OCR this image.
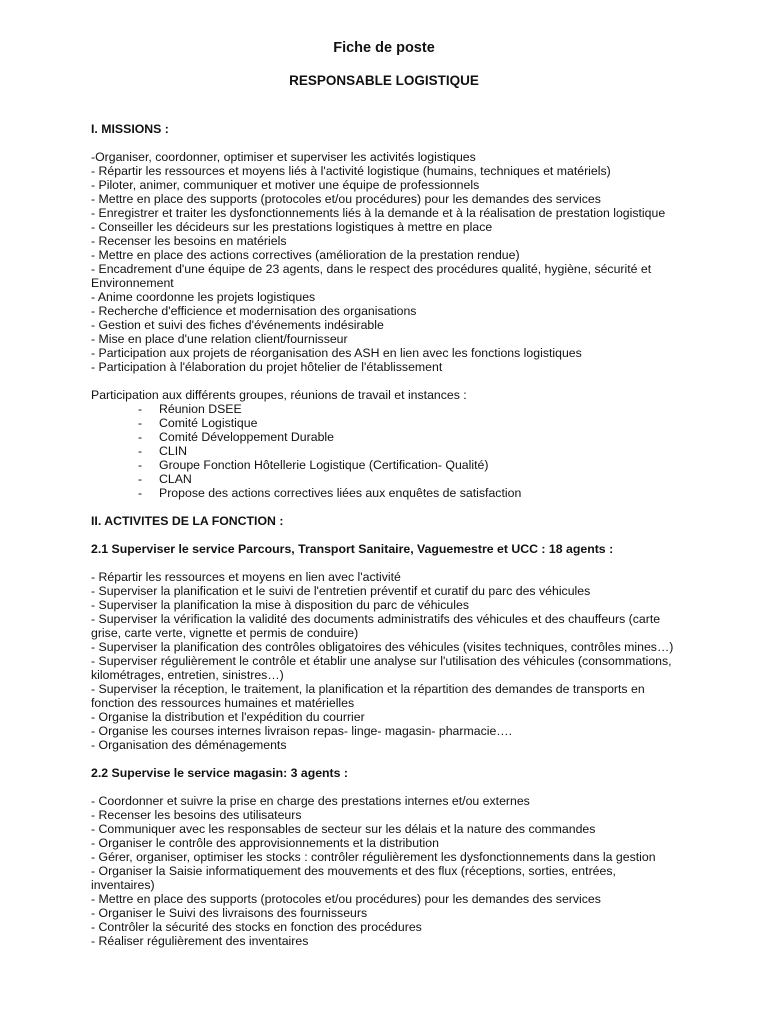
Fiche de poste
RESPONSABLE LOGISTIQUE

I. MISSIONS :

-Organiser, coordonner, optimiser et superviser les activités logistiques
- Répartir les ressources et moyens liés à l'activité logistique (humains, techniques et matériels)
- Piloter, animer, communiquer et motiver une équipe de professionnels
- Mettre en place des supports (protocoles et/ou procédures) pour les demandes des services
- Enregistrer et traiter les dysfonctionnements liés à la demande et à la réalisation de prestation logistique
- Conseiller les décideurs sur les prestations logistiques à mettre en place
- Recenser les besoins en matériels
- Mettre en place des actions correctives (amélioration de la prestation rendue)
- Encadrement d'une équipe de 23 agents, dans le respect des procédures qualité, hygiène, sécurité et Environnement
- Anime coordonne les projets logistiques
- Recherche d'efficience et modernisation des organisations
- Gestion et suivi des fiches d'événements indésirable
- Mise en place d'une relation client/fournisseur
- Participation aux projets de réorganisation des ASH en lien avec les fonctions logistiques
- Participation à l'élaboration du projet hôtelier de l'établissement

Participation aux différents groupes, réunions de travail et instances :

- Réunion DSEE
- Comité Logistique
- Comité Développement Durable
- CLIN
- Groupe Fonction Hôtellerie Logistique (Certification- Qualité)
- CLAN
- Propose des actions correctives liées aux enquêtes de satisfaction

II. ACTIVITES DE LA FONCTION :

2.1 Superviser le service Parcours, Transport Sanitaire, Vaguemestre et UCC : 18 agents :

- Répartir les ressources et moyens en lien avec l'activité
- Superviser la planification et le suivi de l'entretien préventif et curatif du parc des véhicules
- Superviser la planification la mise à disposition du parc de véhicules
- Superviser la vérification la validité des documents administratifs des véhicules et des chauffeurs (carte grise, carte verte, vignette et permis de conduire)
- Superviser la planification des contrôles obligatoires des véhicules (visites techniques, contrôles mines…)
- Superviser régulièrement le contrôle et établir une analyse sur l'utilisation des véhicules (consommations, kilométrages, entretien, sinistres…)
- Superviser la réception, le traitement, la planification et la répartition des demandes de transports en fonction des ressources humaines et matérielles
- Organise la distribution et l'expédition du courrier
- Organise les courses internes livraison repas- linge- magasin- pharmacie….
- Organisation des déménagements

2.2 Supervise le service magasin: 3 agents :

- Coordonner et suivre la prise en charge des prestations internes et/ou externes
- Recenser les besoins des utilisateurs
- Communiquer avec les responsables de secteur sur les délais et la nature des commandes
- Organiser le contrôle des approvisionnements et la distribution
- Gérer, organiser, optimiser les stocks : contrôler régulièrement les dysfonctionnements dans la gestion
- Organiser la Saisie informatiquement des mouvements et des flux (réceptions, sorties, entrées, inventaires)
- Mettre en place des supports (protocoles et/ou procédures) pour les demandes des services
- Organiser le Suivi des livraisons des fournisseurs
- Contrôler la sécurité des stocks en fonction des procédures
- Réaliser régulièrement des inventaires
